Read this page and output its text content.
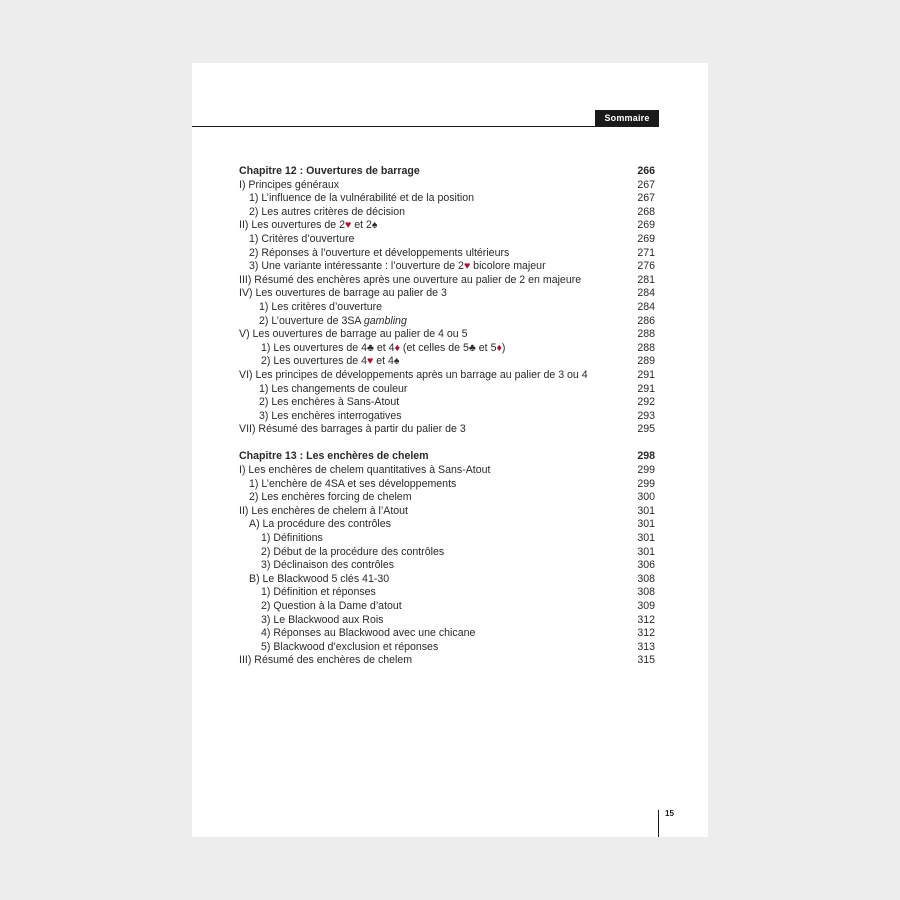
Sommaire
Chapitre 12 : Ouvertures de barrage	266
I) Principes généraux	267
1) L’influence de la vulnérabilité et de la position	267
2) Les autres critères de décision	268
II) Les ouvertures de 2♥ et 2♠	269
1) Critères d’ouverture	269
2) Réponses à l’ouverture et développements ultérieurs	271
3) Une variante intéressante : l’ouverture de 2♥ bicolore majeur	276
III) Résumé des enchères après une ouverture au palier de 2 en majeure	281
IV) Les ouvertures de barrage au palier de 3	284
1) Les critères d’ouverture	284
2) L’ouverture de 3SA gambling	286
V) Les ouvertures de barrage au palier de 4 ou 5	288
1) Les ouvertures de 4♣ et 4♦ (et celles de 5♣ et 5♦)	288
2) Les ouvertures de 4♥ et 4♠	289
VI) Les principes de développements après un barrage au palier de 3 ou 4	291
1) Les changements de couleur	291
2) Les enchères à Sans-Atout	292
3) Les enchères interrogatives	293
VII) Résumé des barrages à partir du palier de 3	295
Chapitre 13 : Les enchères de chelem	298
I) Les enchères de chelem quantitatives à Sans-Atout	299
1) L’enchère de 4SA et ses développements	299
2) Les enchères forcing de chelem	300
II) Les enchères de chelem à l’Atout	301
A) La procédure des contrôles	301
1) Définitions	301
2) Début de la procédure des contrôles	301
3) Déclinaison des contrôles	306
B) Le Blackwood 5 clés 41-30	308
1) Définition et réponses	308
2) Question à la Dame d’atout	309
3) Le Blackwood aux Rois	312
4) Réponses au Blackwood avec une chicane	312
5) Blackwood d’exclusion et réponses	313
III) Résumé des enchères de chelem	315
15
